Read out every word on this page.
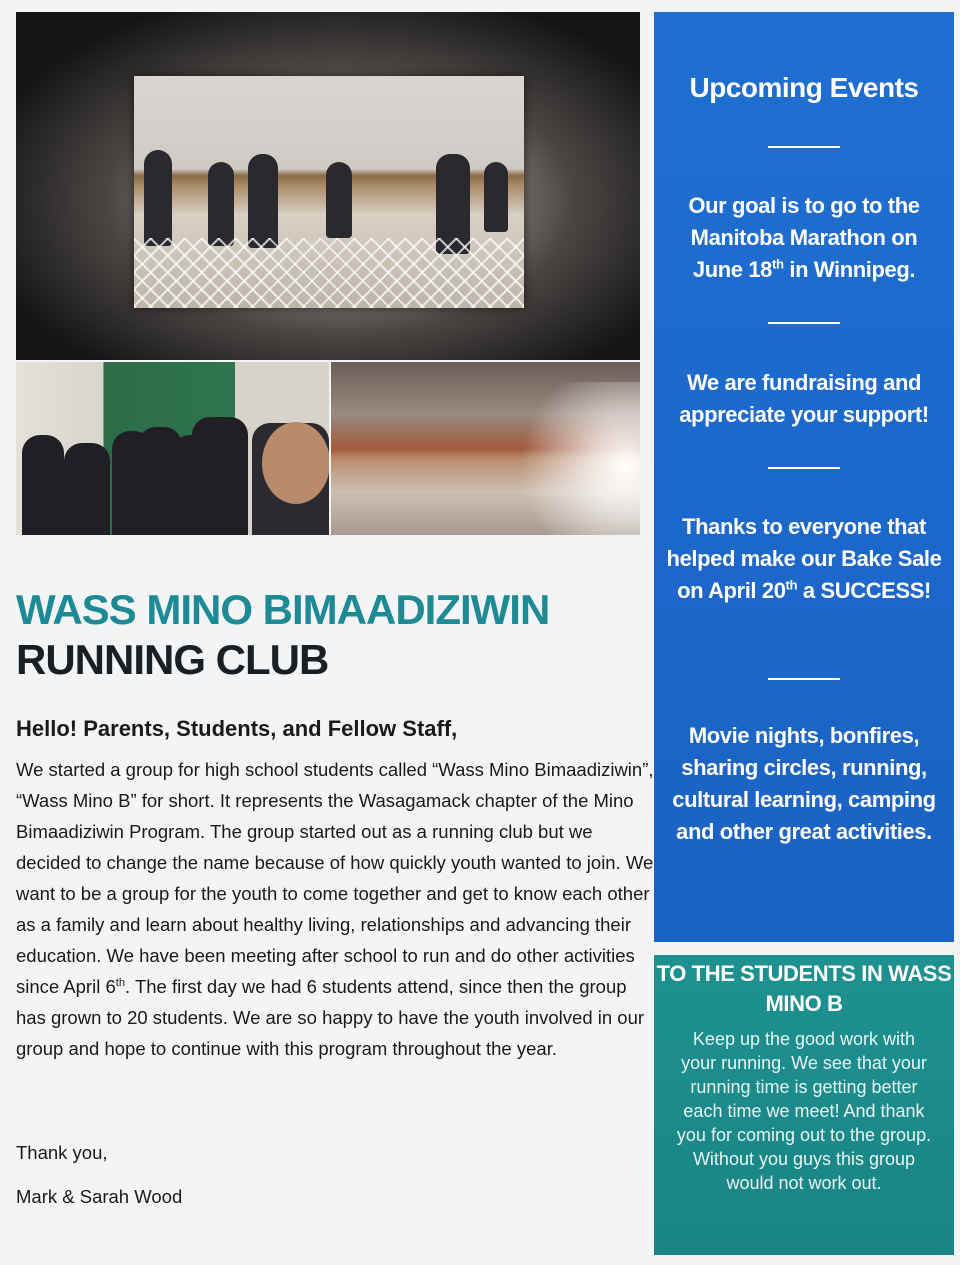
Upcoming Events
Our goal is to go to the Manitoba Marathon on June 18th in Winnipeg.
We are fundraising and appreciate your support!
Thanks to everyone that helped make our Bake Sale on April 20th a SUCCESS!
Movie nights, bonfires, sharing circles, running, cultural learning, camping and other great activities.
TO THE STUDENTS IN WASS MINO B
Keep up the good work with your running. We see that your running time is getting better each time we meet! And thank you for coming out to the group. Without you guys this group would not work out.
WASS MINO BIMAADIZIWIN
RUNNING CLUB
Hello! Parents, Students, and Fellow Staff,
We started a group for high school students called “Wass Mino Bimaadiziwin”, “Wass Mino B” for short. It represents the Wasagamack chapter of the Mino Bimaadiziwin Program. The group started out as a running club but we decided to change the name because of how quickly youth wanted to join. We want to be a group for the youth to come together and get to know each other as a family and learn about healthy living, relationships and advancing their education. We have been meeting after school to run and do other activities since April 6th. The first day we had 6 students attend, since then the group has grown to 20 students. We are so happy to have the youth involved in our group and hope to continue with this program throughout the year.
Thank you,
Mark & Sarah Wood
